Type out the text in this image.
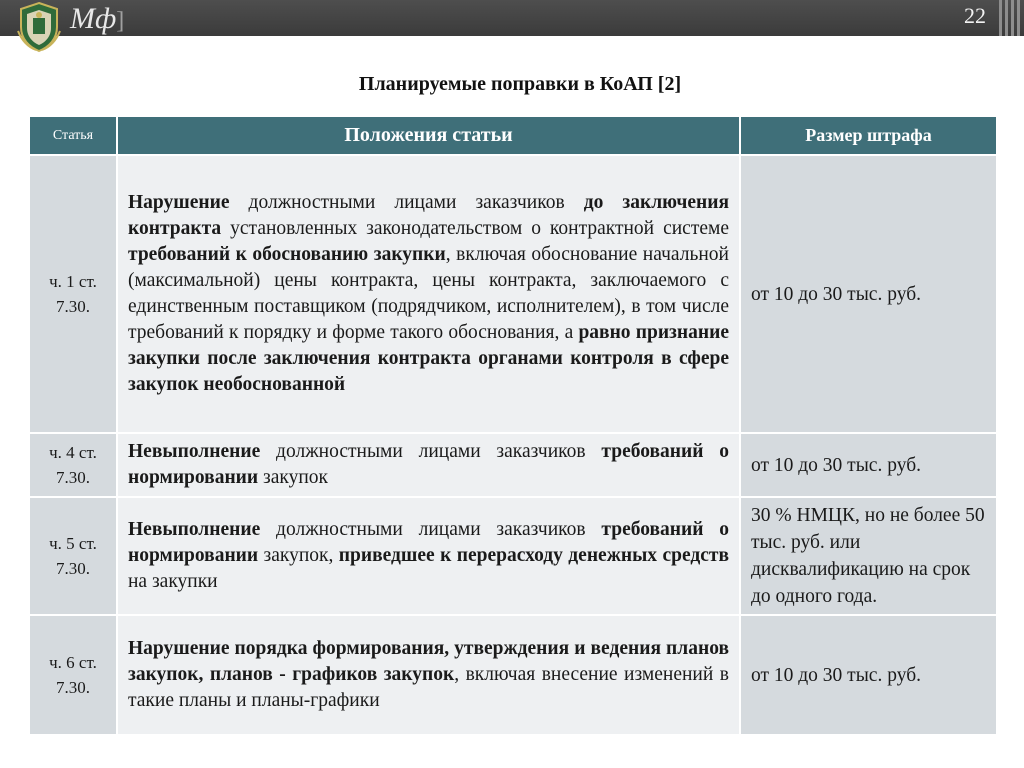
Мф]	22
Планируемые поправки в КоАП [2]
Статья	Положения статьи	Размер штрафа
ч. 1 ст. 7.30.	Нарушение должностными лицами заказчиков до заключения контракта установленных законодательством о контрактной системе требований к обоснованию закупки, включая обоснование начальной (максимальной) цены контракта, цены контракта, заключаемого с единственным поставщиком (подрядчиком, исполнителем), в том числе требований к порядку и форме такого обоснования, а равно признание закупки после заключения контракта органами контроля в сфере закупок необоснованной	от 10 до 30 тыс. руб.
ч. 4 ст. 7.30.	Невыполнение должностными лицами заказчиков требований о нормировании закупок	от 10 до 30 тыс. руб.
ч. 5 ст. 7.30.	Невыполнение должностными лицами заказчиков требований о нормировании закупок, приведшее к перерасходу денежных средств на закупки	30 % НМЦК, но не более 50 тыс. руб. или дисквалификацию на срок до одного года.
ч. 6 ст. 7.30.	Нарушение порядка формирования, утверждения и ведения планов закупок, планов - графиков закупок, включая внесение изменений в такие планы и планы-графики	от 10 до 30 тыс. руб.
